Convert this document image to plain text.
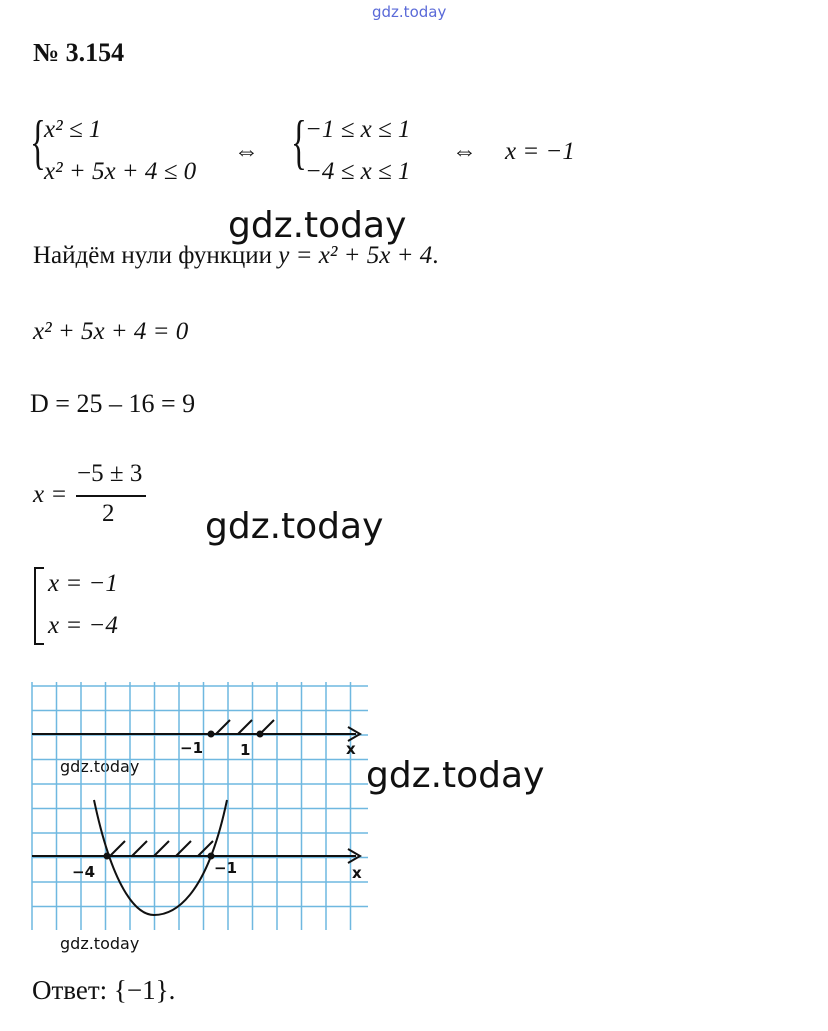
gdz.today
gdz.today
gdz.today
gdz.today
gdz.today
gdz.today
№ 3.154
{
x² ≤ 1
x² + 5x + 4 ≤ 0
⇔ {
−1 ≤ x ≤ 1
−4 ≤ x ≤ 1
⇔ x = −1
Найдём нули функции y = x² + 5x + 4.
x² + 5x + 4 = 0
D = 25 – 16 = 9
x =
−5 ± 3
2
x = −1
x = −4
−1 1	x
−4	−1	x
Ответ: {−1}.
